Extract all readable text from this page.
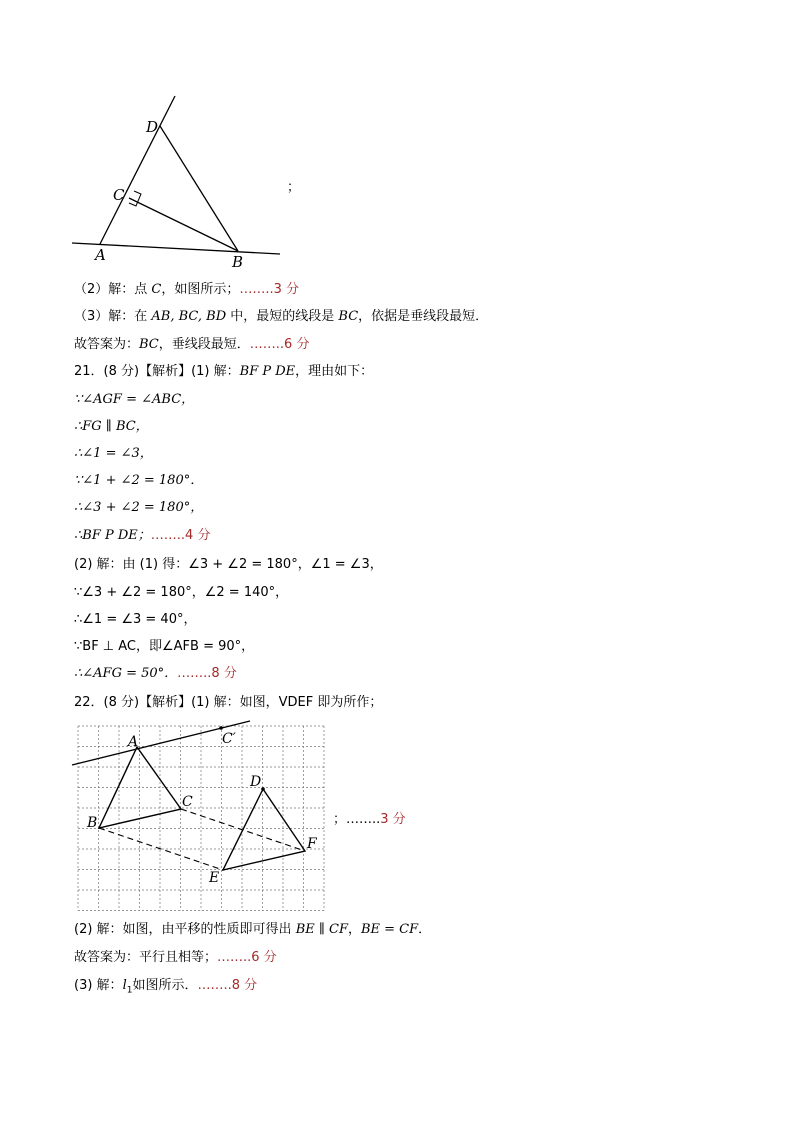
D
C
A	B
；
（2）解：点 C，如图所示；……..3 分
（3）解：在 AB, BC, BD 中，最短的线段是 BC，依据是垂线段最短．
故答案为：BC，垂线段最短．……..6 分
21．(8 分)【解析】(1) 解：BF P DE，理由如下：
∵∠AGF = ∠ABC，
∴FG ∥ BC，
∴∠1 = ∠3，
∵∠1 + ∠2 = 180°．
∴∠3 + ∠2 = 180°，
∴BF P DE；……..4 分
(2) 解：由 (1) 得：∠3 + ∠2 = 180°，∠1 = ∠3，
∵∠3 + ∠2 = 180°，∠2 = 140°，
∴∠1 = ∠3 = 40°，
∵BF ⊥ AC，即∠AFB = 90°，
∴∠AFG = 50°．……..8 分
22．(8 分)【解析】(1) 解：如图，VDEF 即为所作；
A
B
C
C′
D
E
F
；……..3 分
(2) 解：如图，由平移的性质即可得出 BE ∥ CF，BE = CF．
故答案为：平行且相等；……..6 分
(3) 解：$l_1$如图所示．……..8 分
